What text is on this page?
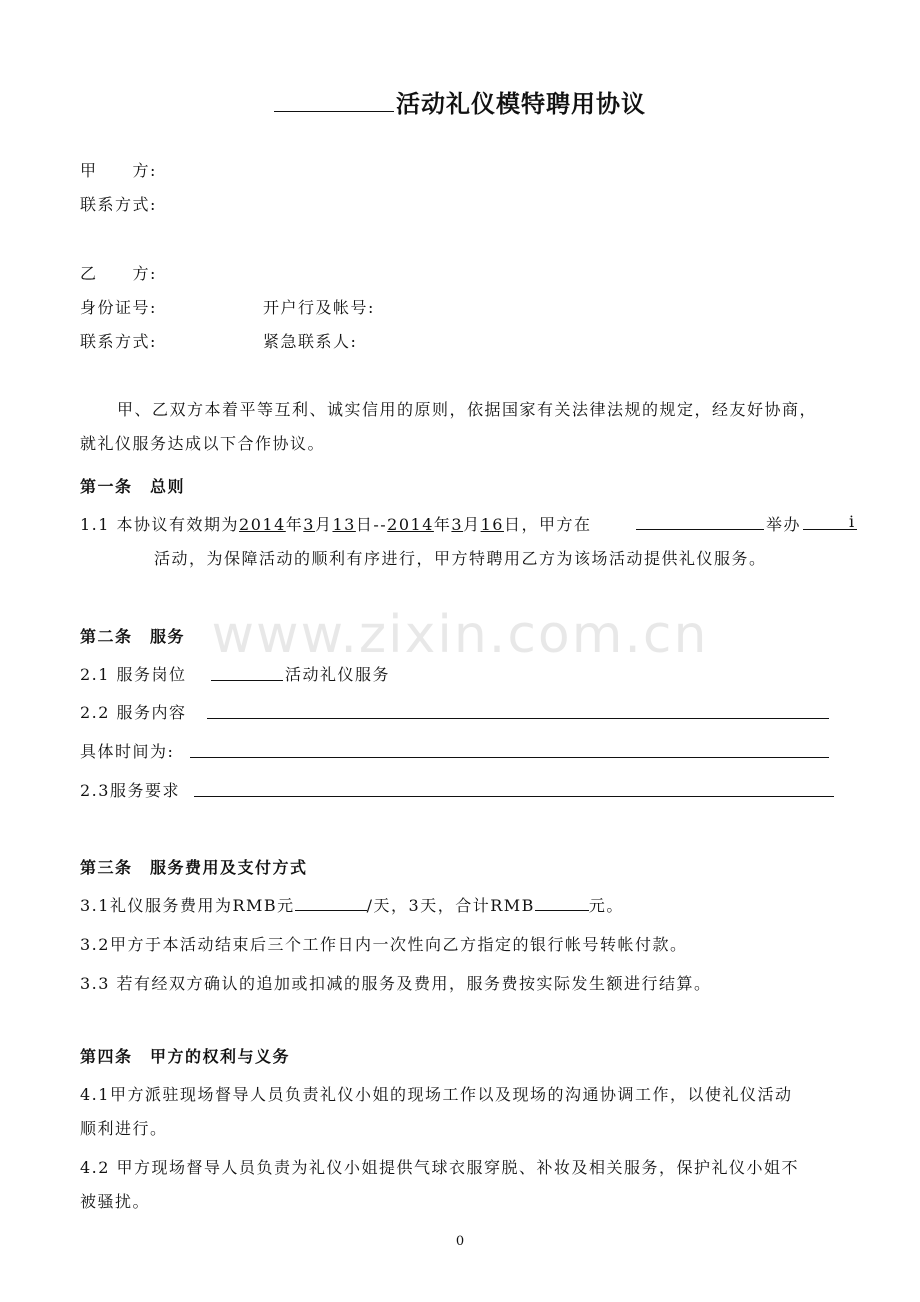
活动礼仪模特聘用协议
甲　　方:
联系方式:
乙　　方:
身份证号:	开户行及帐号:
联系方式:	紧急联系人:
甲、乙双方本着平等互利、诚实信用的原则，依据国家有关法律法规的规定，经友好协商，
就礼仪服务达成以下合作协议。
第一条　总则
1.1 本协议有效期为2014年3月13日--2014年3月16日，甲方在	举办	i
活动，为保障活动的顺利有序进行，甲方特聘用乙方为该场活动提供礼仪服务。
www.zixin.com.cn
第二条　服务
2.1 服务岗位	活动礼仪服务
2.2 服务内容
具体时间为:
2.3服务要求
第三条　服务费用及支付方式
3.1礼仪服务费用为RMB元	/天，3天，合计RMB	元。
3.2甲方于本活动结束后三个工作日内一次性向乙方指定的银行帐号转帐付款。
3.3 若有经双方确认的追加或扣减的服务及费用，服务费按实际发生额进行结算。
第四条　甲方的权利与义务
4.1甲方派驻现场督导人员负责礼仪小姐的现场工作以及现场的沟通协调工作，以使礼仪活动
顺利进行。
4.2 甲方现场督导人员负责为礼仪小姐提供气球衣服穿脱、补妆及相关服务，保护礼仪小姐不
被骚扰。
0
